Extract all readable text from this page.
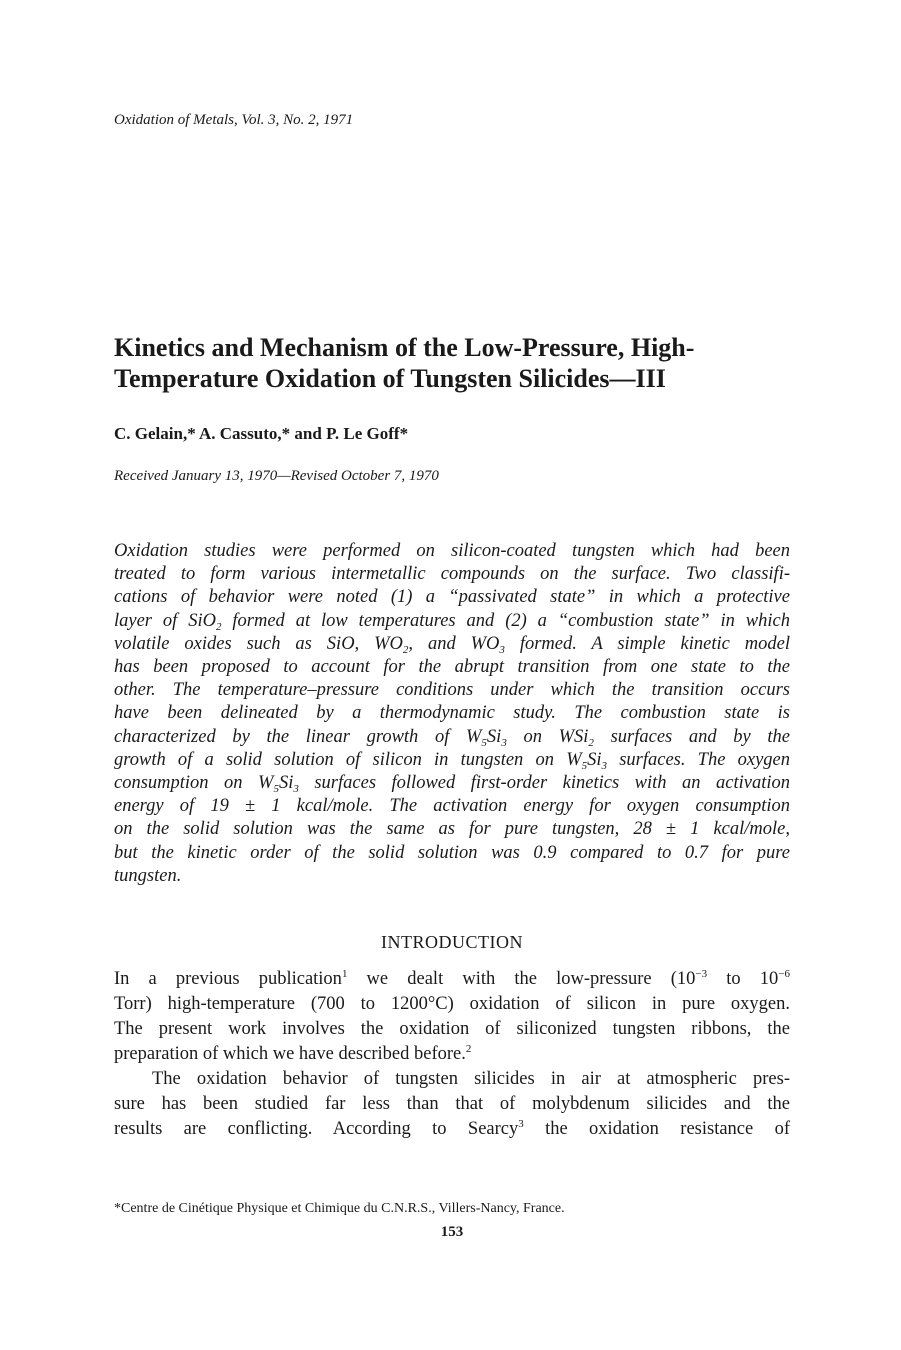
Oxidation of Metals, Vol. 3, No. 2, 1971
Kinetics and Mechanism of the Low-Pressure, High-
Temperature Oxidation of Tungsten Silicides—III
C. Gelain,* A. Cassuto,* and P. Le Goff*
Received January 13, 1970—Revised October 7, 1970
Oxidation studies were performed on silicon-coated tungsten which had been
treated to form various intermetallic compounds on the surface. Two classifi-
cations of behavior were noted (1) a “passivated state” in which a protective
layer of SiO$_2$ formed at low temperatures and (2) a “combustion state” in which
volatile oxides such as SiO, $WO_2$, and $WO_3$ formed. A simple kinetic model
has been proposed to account for the abrupt transition from one state to the
other. The temperature–pressure conditions under which the transition occurs
have been delineated by a thermodynamic study. The combustion state is
characterized by the linear growth of $W_5Si_3$ on WSi$_2$ surfaces and by the
growth of a solid solution of silicon in tungsten on $W_5Si_3$ surfaces. The oxygen
consumption on $W_5Si_3$ surfaces followed first-order kinetics with an activation
energy of 19 ± 1 kcal/mole. The activation energy for oxygen consumption
on the solid solution was the same as for pure tungsten, 28 ± 1 kcal/mole,
but the kinetic order of the solid solution was 0.9 compared to 0.7 for pure
tungsten.
INTRODUCTION
In a previous publication$^1$ we dealt with the low-pressure ($10^{-3}$ to $10^{-6}$
Torr) high-temperature (700 to 1200°C) oxidation of silicon in pure oxygen.
The present work involves the oxidation of siliconized tungsten ribbons, the
preparation of which we have described before.$^2$
The oxidation behavior of tungsten silicides in air at atmospheric pres-
sure has been studied far less than that of molybdenum silicides and the
results are conflicting. According to Searcy$^3$ the oxidation resistance of
*Centre de Cinétique Physique et Chimique du C.N.R.S., Villers-Nancy, France.
153
